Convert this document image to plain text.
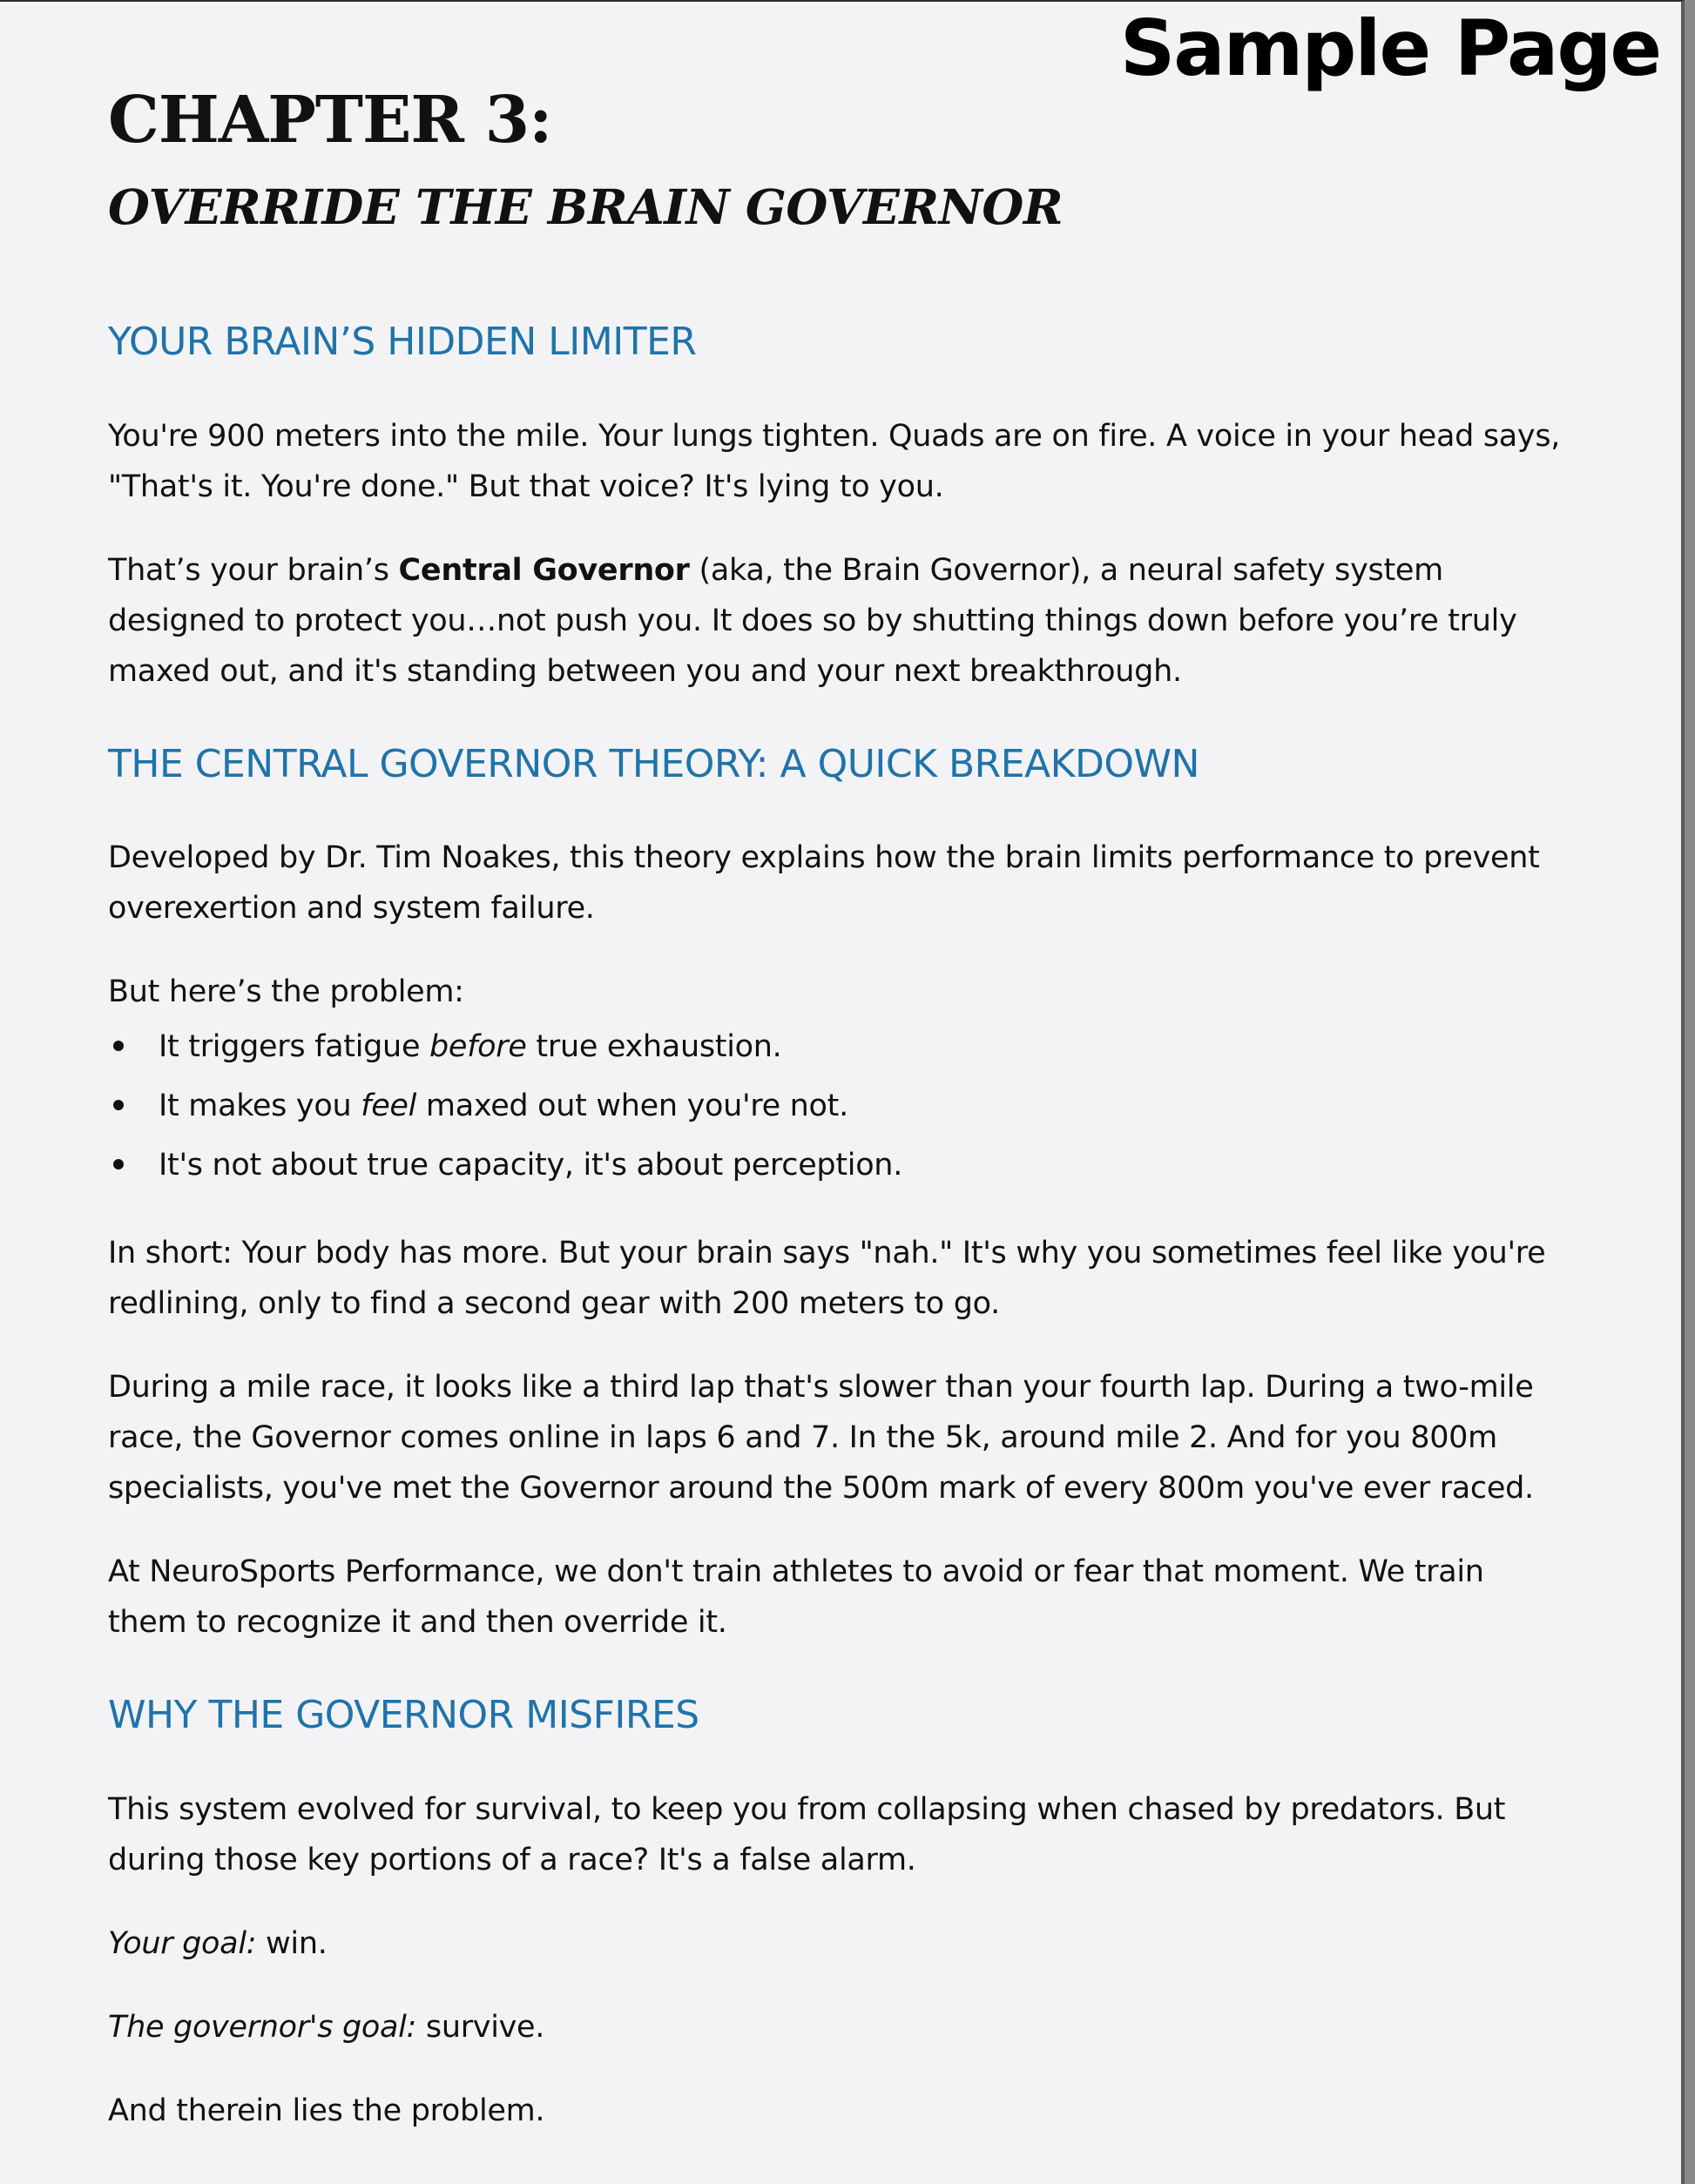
Sample Page
CHAPTER 3:
OVERRIDE THE BRAIN GOVERNOR
YOUR BRAIN’S HIDDEN LIMITER

You're 900 meters into the mile. Your lungs tighten. Quads are on fire. A voice in your head says, "That's it. You're done." But that voice? It's lying to you.

That’s your brain’s Central Governor (aka, the Brain Governor), a neural safety system designed to protect you…not push you. It does so by shutting things down before you’re truly maxed out, and it's standing between you and your next breakthrough.

THE CENTRAL GOVERNOR THEORY: A QUICK BREAKDOWN

Developed by Dr. Tim Noakes, this theory explains how the brain limits performance to prevent overexertion and system failure.

But here’s the problem:

It triggers fatigue before true exhaustion.
It makes you feel maxed out when you're not.
It's not about true capacity, it's about perception.

In short: Your body has more. But your brain says "nah." It's why you sometimes feel like you're redlining, only to find a second gear with 200 meters to go.

During a mile race, it looks like a third lap that's slower than your fourth lap. During a two-mile race, the Governor comes online in laps 6 and 7. In the 5k, around mile 2. And for you 800m specialists, you've met the Governor around the 500m mark of every 800m you've ever raced.

At NeuroSports Performance, we don't train athletes to avoid or fear that moment. We train them to recognize it and then override it.

WHY THE GOVERNOR MISFIRES

This system evolved for survival, to keep you from collapsing when chased by predators. But during those key portions of a race? It's a false alarm.

Your goal: win.

The governor's goal: survive.

And therein lies the problem.
